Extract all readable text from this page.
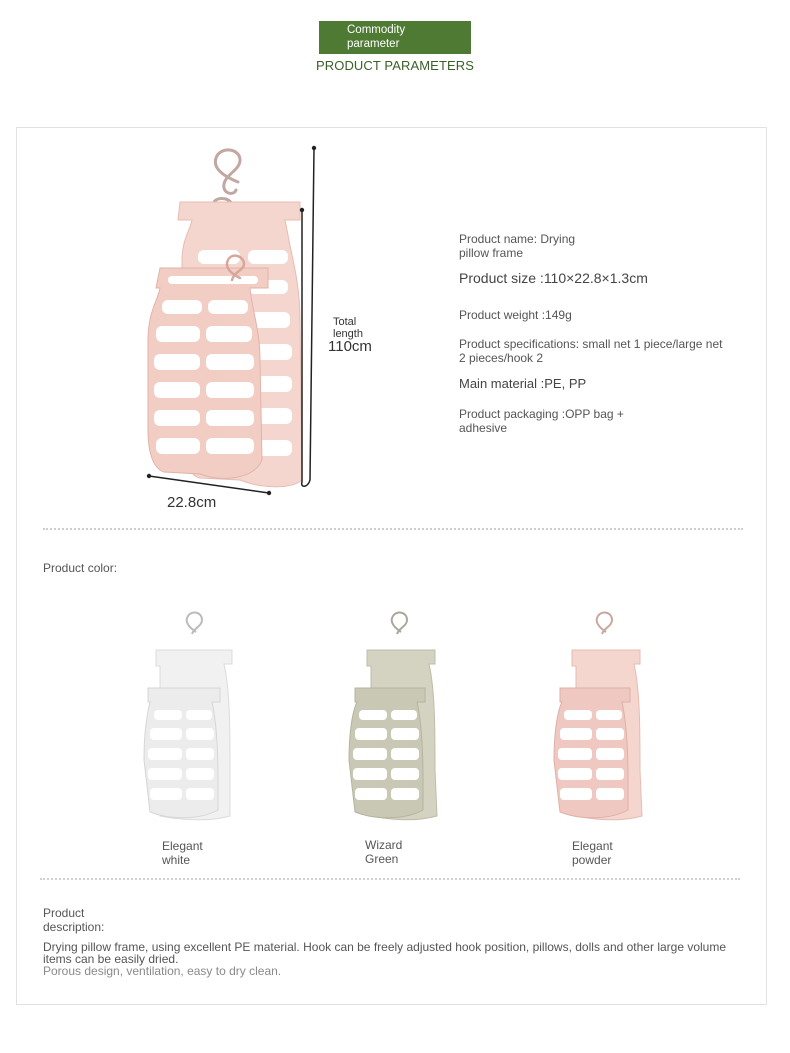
Commodity
parameter
PRODUCT PARAMETERS
Total
length
110cm
22.8cm
Product name: Drying
pillow frame
Product size :110×22.8×1.3cm
Product weight :149g
Product specifications: small net 1 piece/large net
2 pieces/hook 2
Main material :PE, PP
Product packaging :OPP bag +
adhesive
Product color:
Elegant
white
Wizard
Green
Elegant
powder
Product
description:
Drying pillow frame, using excellent PE material. Hook can be freely adjusted hook position, pillows, dolls and other large volume items can be easily dried.
Porous design, ventilation, easy to dry clean.
